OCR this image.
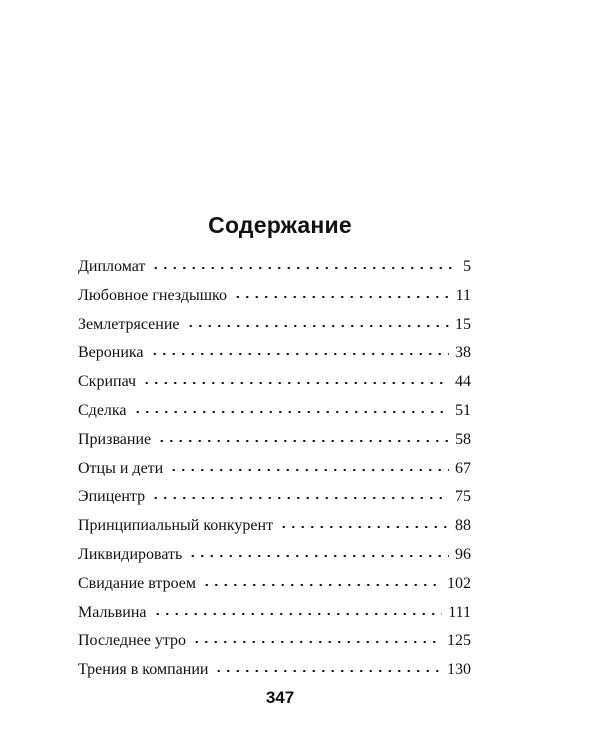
Содержание
Дипломат	5
Любовное гнездышко	11
Землетрясение	15
Вероника	38
Скрипач	44
Сделка	51
Призвание	58
Отцы и дети	67
Эпицентр	75
Принципиальный конкурент	88
Ликвидировать	96
Свидание втроем	102
Мальвина	111
Последнее утро	125
Трения в компании	130
347
